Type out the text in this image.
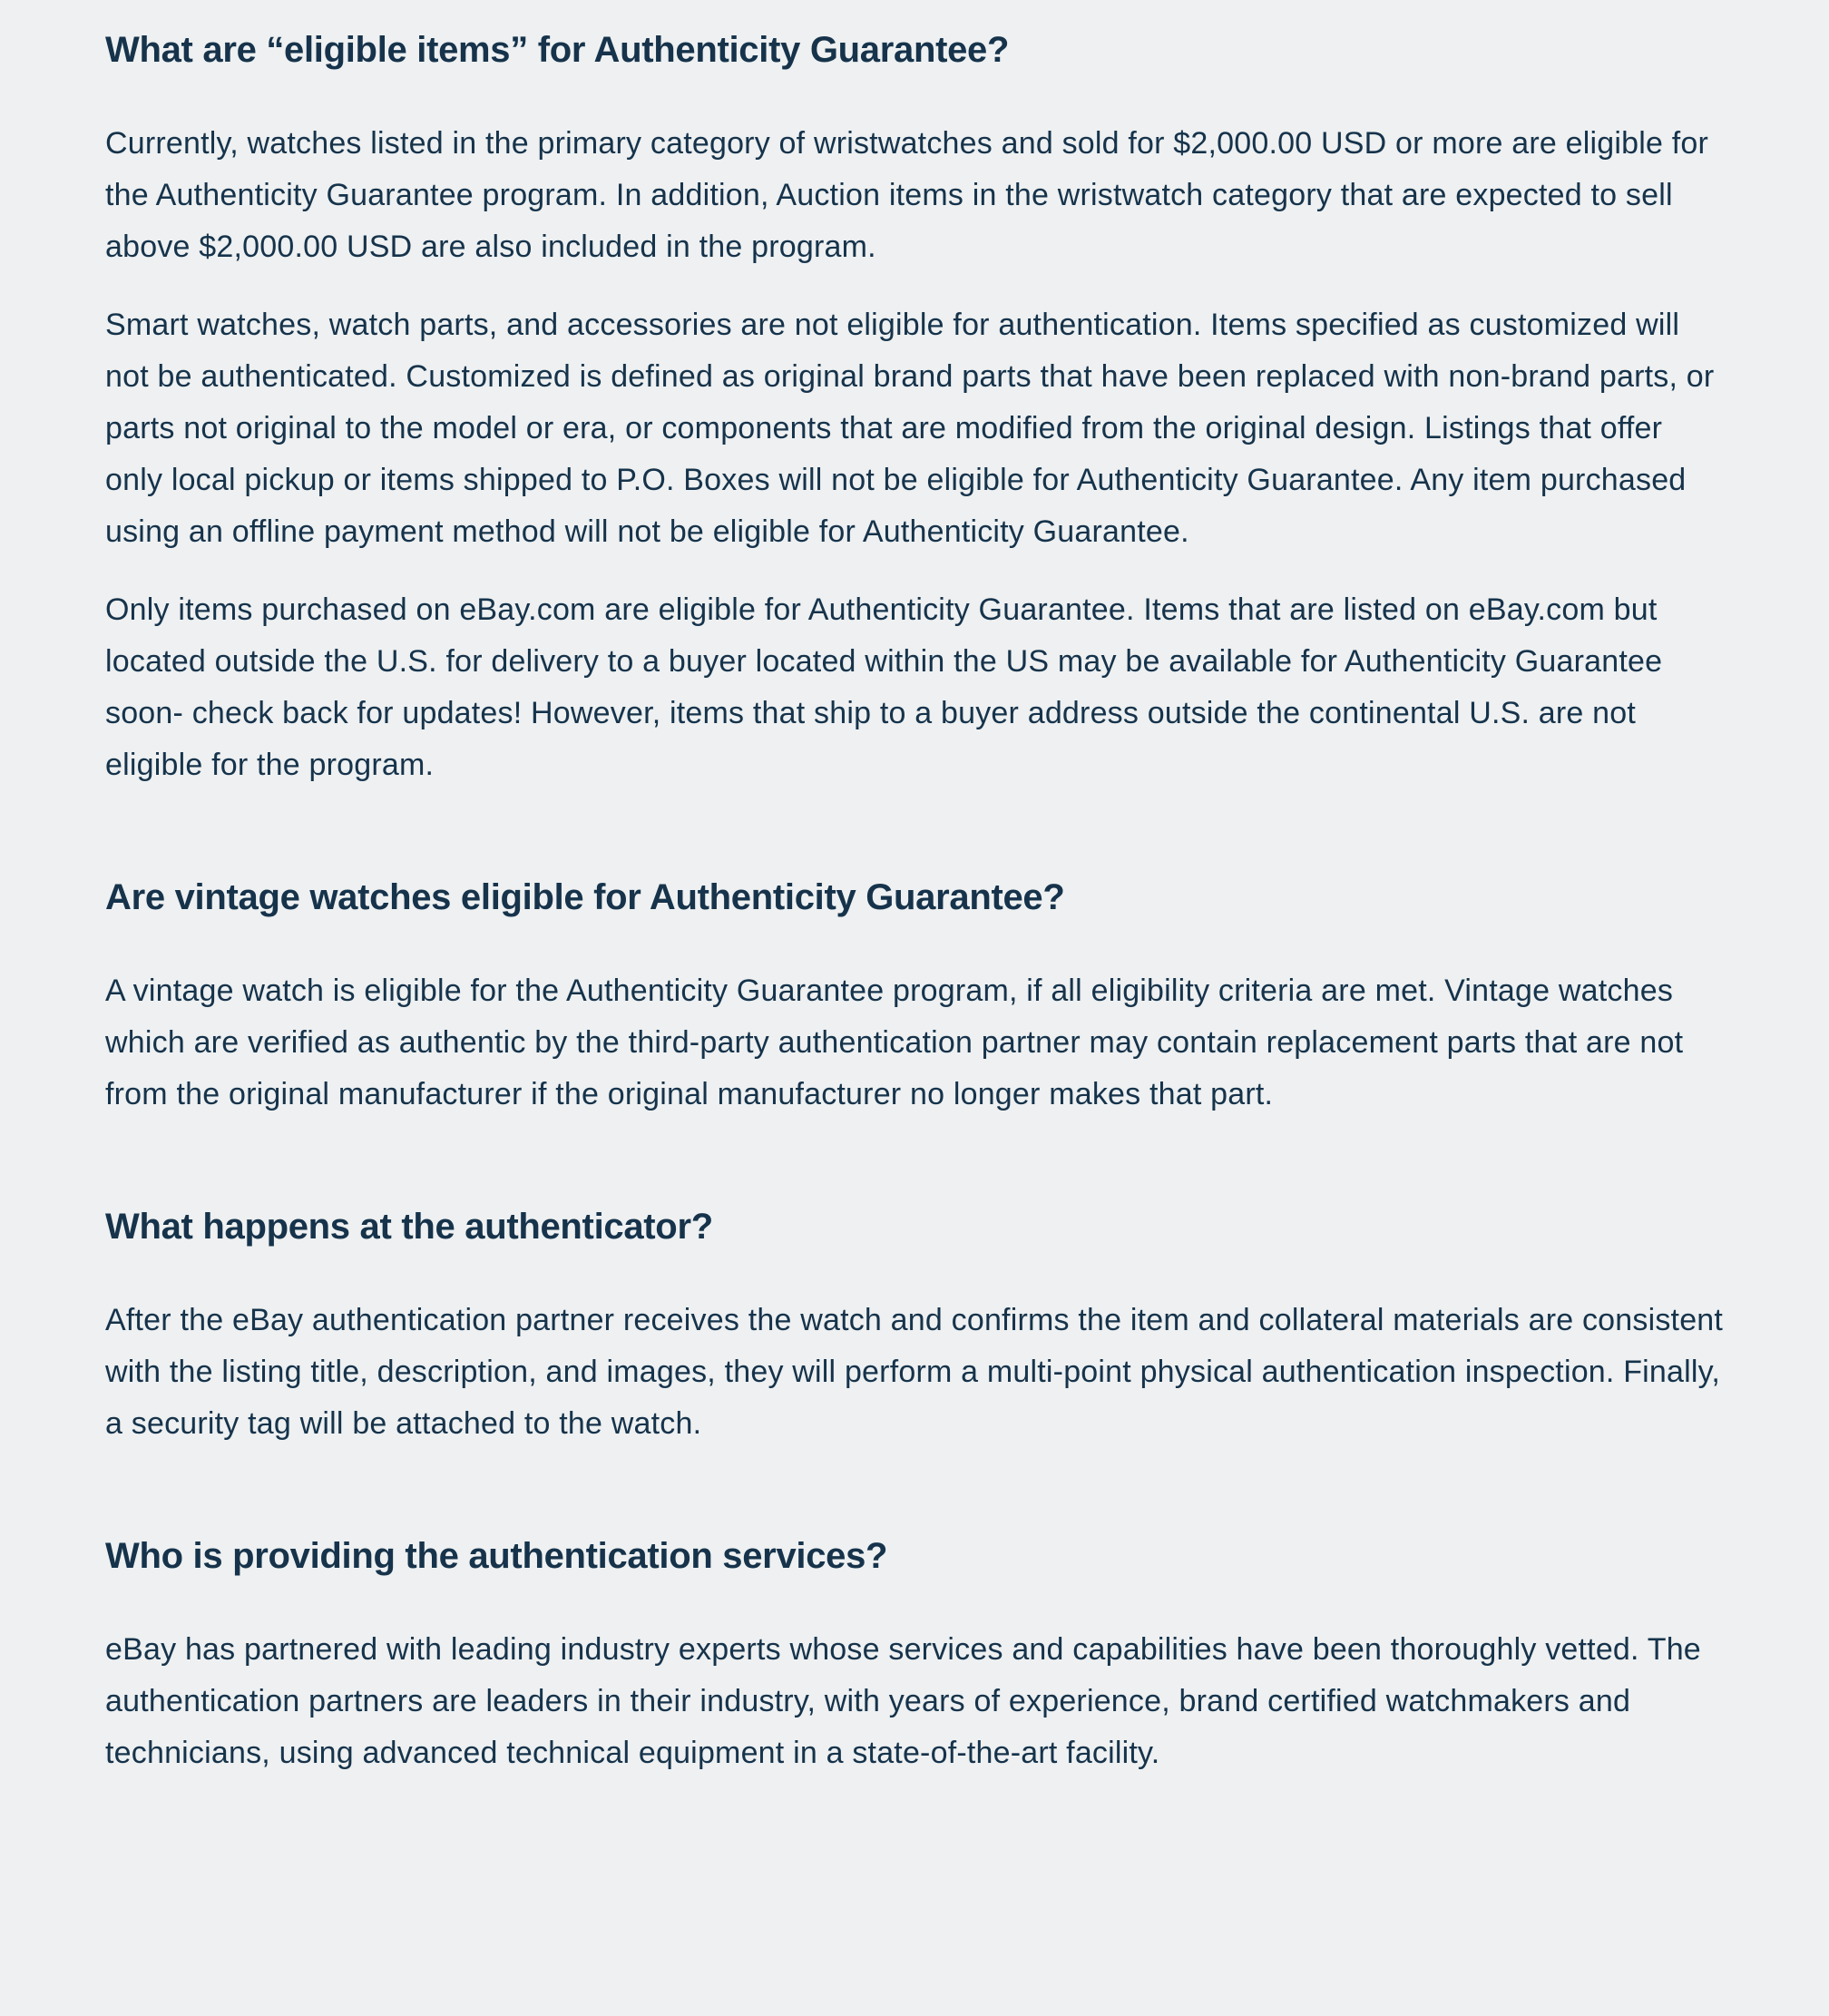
What are “eligible items” for Authenticity Guarantee?

Currently, watches listed in the primary category of wristwatches and sold for $2,000.00 USD or more are eligible for the Authenticity Guarantee program. In addition, Auction items in the wristwatch category that are expected to sell above $2,000.00 USD are also included in the program.

Smart watches, watch parts, and accessories are not eligible for authentication. Items specified as customized will not be authenticated. Customized is defined as original brand parts that have been replaced with non-brand parts, or parts not original to the model or era, or components that are modified from the original design. Listings that offer only local pickup or items shipped to P.O. Boxes will not be eligible for Authenticity Guarantee. Any item purchased using an offline payment method will not be eligible for Authenticity Guarantee.

Only items purchased on eBay.com are eligible for Authenticity Guarantee. Items that are listed on eBay.com but located outside the U.S. for delivery to a buyer located within the US may be available for Authenticity Guarantee soon- check back for updates! However, items that ship to a buyer address outside the continental U.S. are not eligible for the program.

Are vintage watches eligible for Authenticity Guarantee?

A vintage watch is eligible for the Authenticity Guarantee program, if all eligibility criteria are met. Vintage watches which are verified as authentic by the third-party authentication partner may contain replacement parts that are not from the original manufacturer if the original manufacturer no longer makes that part.

What happens at the authenticator?

After the eBay authentication partner receives the watch and confirms the item and collateral materials are consistent with the listing title, description, and images, they will perform a multi-point physical authentication inspection. Finally, a security tag will be attached to the watch.

Who is providing the authentication services?

eBay has partnered with leading industry experts whose services and capabilities have been thoroughly vetted. The authentication partners are leaders in their industry, with years of experience, brand certified watchmakers and technicians, using advanced technical equipment in a state-of-the-art facility.
